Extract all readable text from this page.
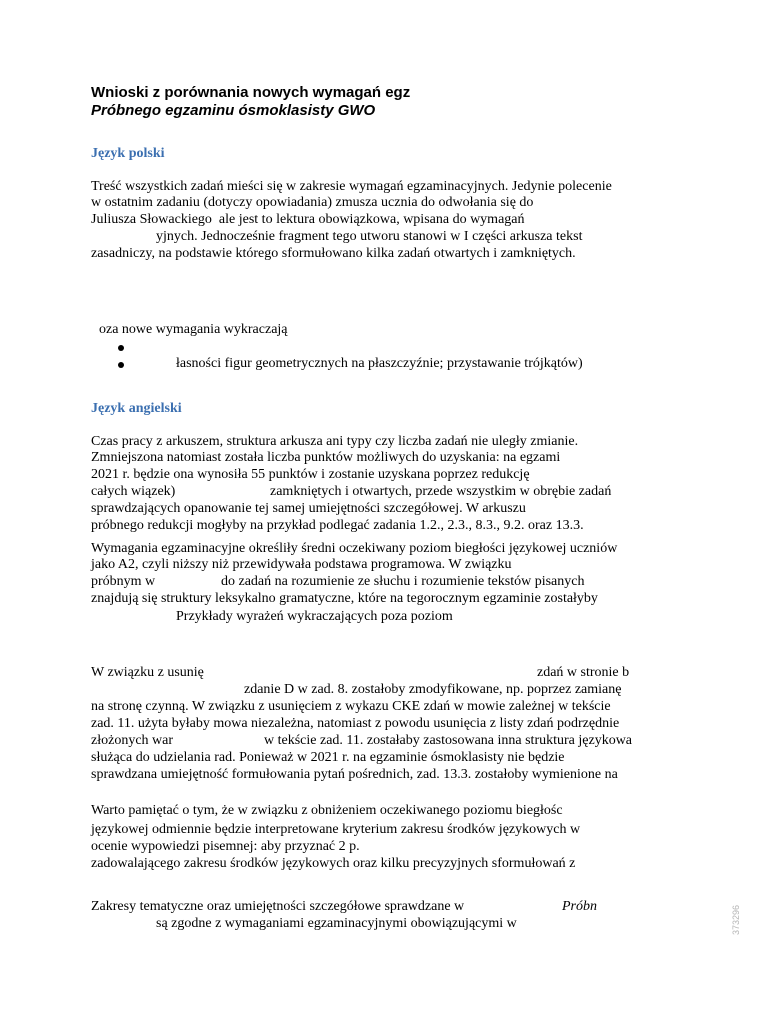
Wnioski z porównania nowych wymagań egz
Próbnego egzaminu ósmoklasisty GWO
Język polski
Treść wszystkich zadań mieści się w zakresie wymagań egzaminacyjnych. Jedynie polecenie
w ostatnim zadaniu (dotyczy opowiadania) zmusza ucznia do odwołania się do
Juliusza Słowackiego  ale jest to lektura obowiązkowa, wpisana do wymagań
yjnych. Jednocześnie fragment tego utworu stanowi w I części arkusza tekst
zasadniczy, na podstawie którego sformułowano kilka zadań otwartych i zamkniętych.
oza nowe wymagania wykraczają
łasności figur geometrycznych na płaszczyźnie; przystawanie trójkątów)
Język angielski
Czas pracy z arkuszem, struktura arkusza ani typy czy liczba zadań nie uległy zmianie.
Zmniejszona natomiast została liczba punktów możliwych do uzyskania: na egzami
2021 r. będzie ona wynosiła 55 punktów i zostanie uzyskana poprzez redukcję
całych wiązek)	zamkniętych i otwartych, przede wszystkim w obrębie zadań
sprawdzających opanowanie tej samej umiejętności szczegółowej. W arkuszu
próbnego redukcji mogłyby na przykład podlegać zadania 1.2., 2.3., 8.3., 9.2. oraz 13.3.
Wymagania egzaminacyjne określiły średni oczekiwany poziom biegłości językowej uczniów
jako A2, czyli niższy niż przewidywała podstawa programowa. W związku
próbnym w	do zadań na rozumienie ze słuchu i rozumienie tekstów pisanych
znajdują się struktury leksykalno gramatyczne, które na tegorocznym egzaminie zostałyby
Przykłady wyrażeń wykraczających poza poziom
W związku z usunię	zdań w stronie b
zdanie D w zad. 8. zostałoby zmodyfikowane, np. poprzez zamianę
na stronę czynną. W związku z usunięciem z wykazu CKE zdań w mowie zależnej w tekście
zad. 11. użyta byłaby mowa niezależna, natomiast z powodu usunięcia z listy zdań podrzędnie
złożonych war	w tekście zad. 11. zostałaby zastosowana inna struktura językowa
służąca do udzielania rad. Ponieważ w 2021 r. na egzaminie ósmoklasisty nie będzie
sprawdzana umiejętność formułowania pytań pośrednich, zad. 13.3. zostałoby wymienione na
Warto pamiętać o tym, że w związku z obniżeniem oczekiwanego poziomu biegłośc
językowej odmiennie będzie interpretowane kryterium zakresu środków językowych w
ocenie wypowiedzi pisemnej: aby przyznać 2 p.
zadowalającego zakresu środków językowych oraz kilku precyzyjnych sformułowań z
Zakresy tematyczne oraz umiejętności szczegółowe sprawdzane w	Próbn
są zgodne z wymaganiami egzaminacyjnymi obowiązującymi w	373296
